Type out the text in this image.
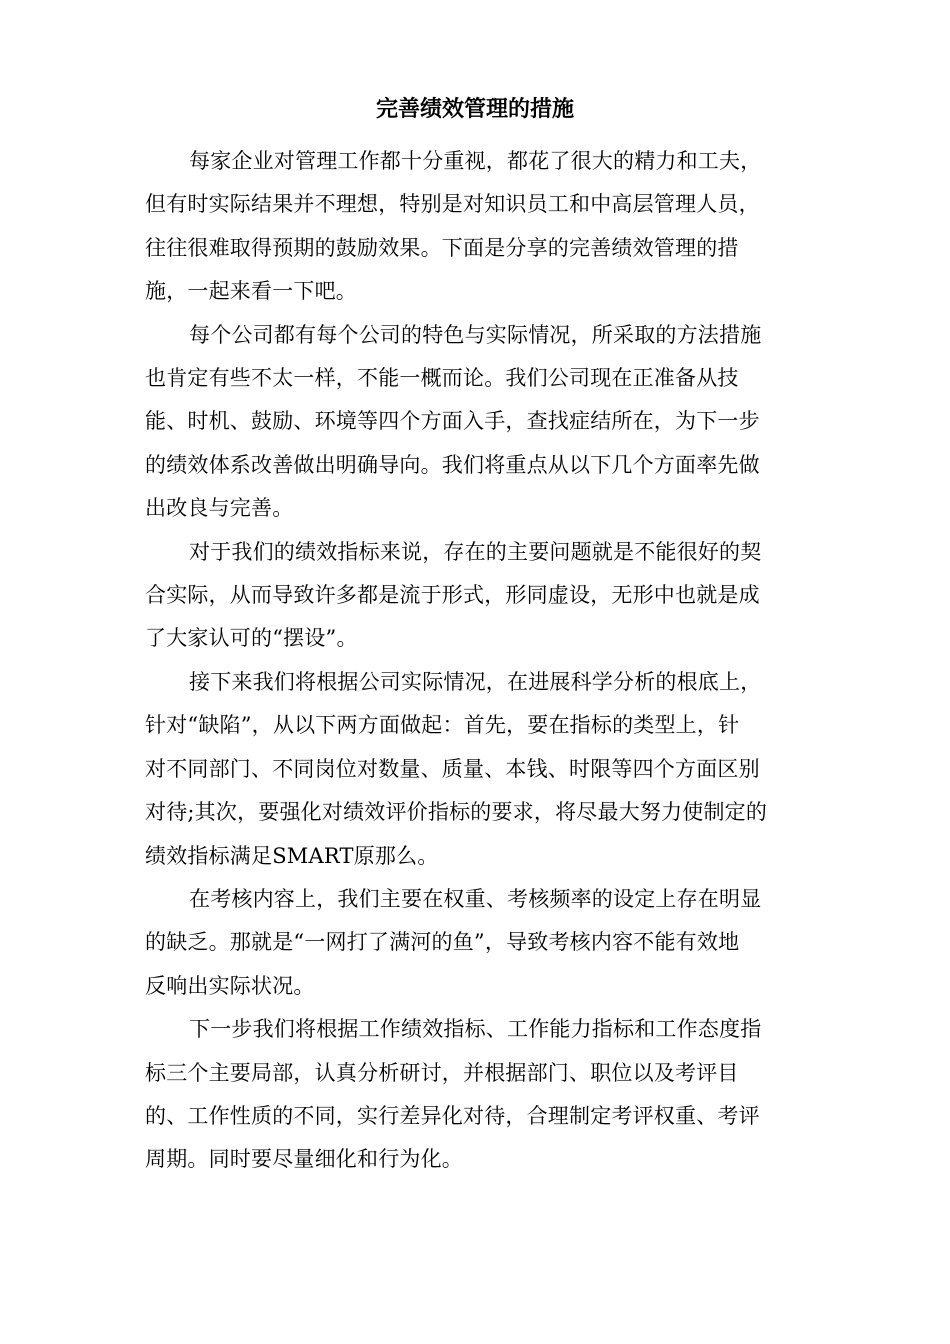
完善绩效管理的措施

每家企业对管理工作都十分重视，都花了很大的精力和工夫，
但有时实际结果并不理想，特别是对知识员工和中高层管理人员，
往往很难取得预期的鼓励效果。下面是分享的完善绩效管理的措
施，一起来看一下吧。

每个公司都有每个公司的特色与实际情况，所采取的方法措施
也肯定有些不太一样，不能一概而论。我们公司现在正准备从技
能、时机、鼓励、环境等四个方面入手，查找症结所在，为下一步
的绩效体系改善做出明确导向。我们将重点从以下几个方面率先做
出改良与完善。

对于我们的绩效指标来说，存在的主要问题就是不能很好的契
合实际，从而导致许多都是流于形式，形同虚设，无形中也就是成
了大家认可的“摆设”。

接下来我们将根据公司实际情况，在进展科学分析的根底上，
针对“缺陷”，从以下两方面做起：首先，要在指标的类型上，针
对不同部门、不同岗位对数量、质量、本钱、时限等四个方面区别
对待;其次，要强化对绩效评价指标的要求，将尽最大努力使制定的
绩效指标满足SMART原那么。

在考核内容上，我们主要在权重、考核频率的设定上存在明显
的缺乏。那就是“一网打了满河的鱼”，导致考核内容不能有效地
反响出实际状况。

下一步我们将根据工作绩效指标、工作能力指标和工作态度指
标三个主要局部，认真分析研讨，并根据部门、职位以及考评目
的、工作性质的不同，实行差异化对待，合理制定考评权重、考评
周期。同时要尽量细化和行为化。
